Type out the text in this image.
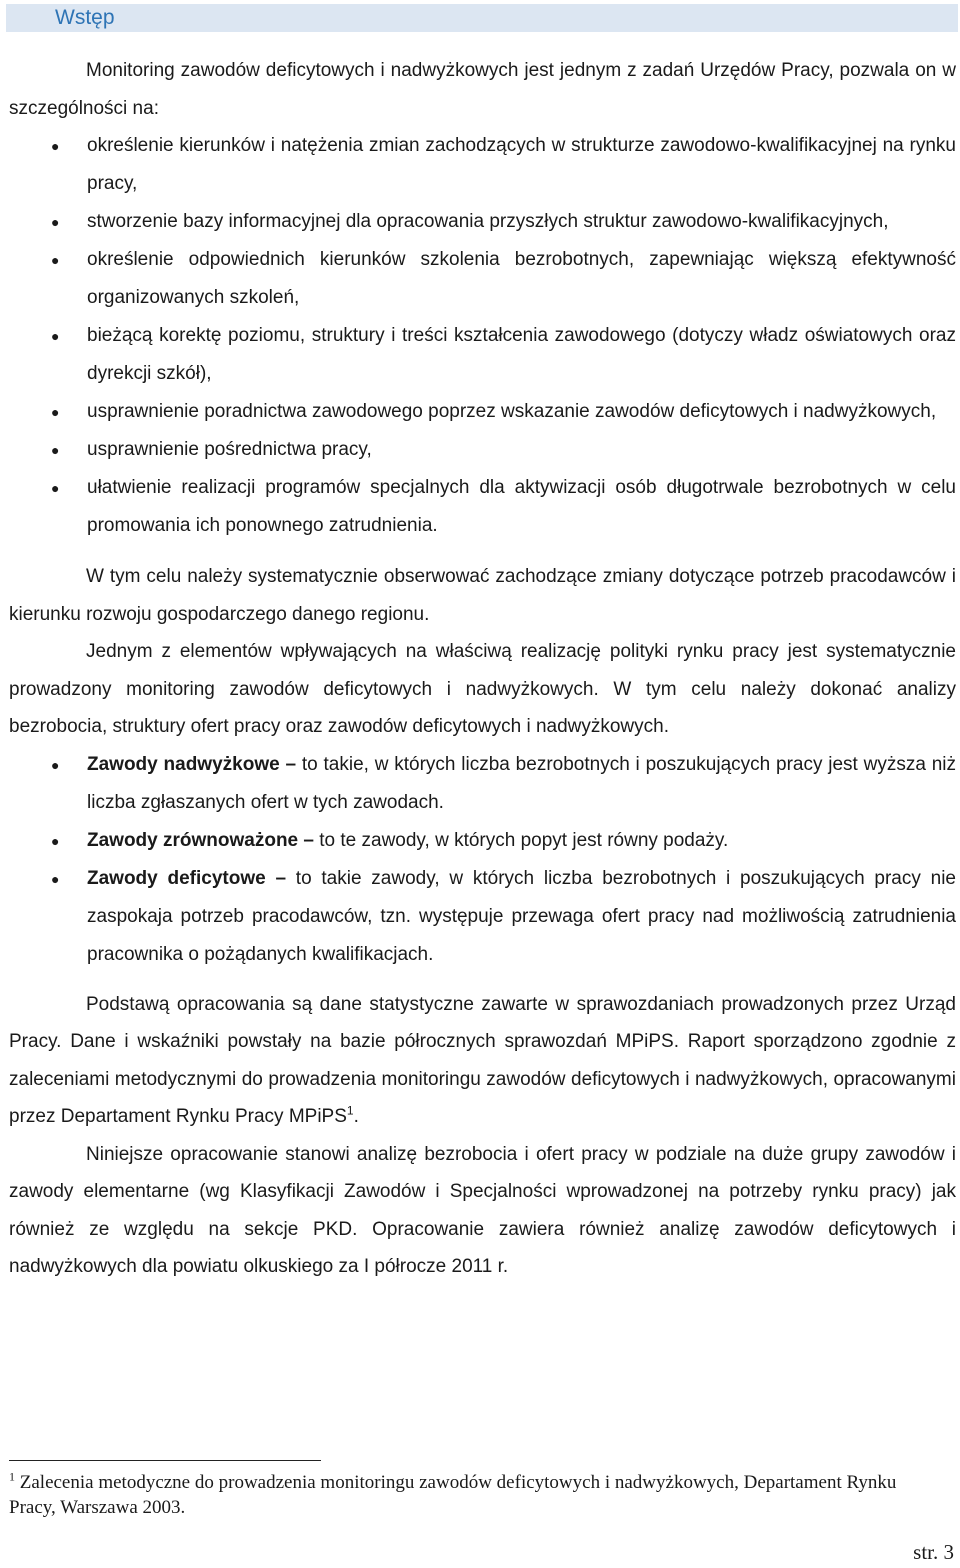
Wstęp

Monitoring zawodów deficytowych i nadwyżkowych jest jednym z zadań Urzędów Pracy, pozwala on w szczególności na:

● określenie kierunków i natężenia zmian zachodzących w strukturze zawodowo-kwalifikacyjnej na rynku pracy,
● stworzenie bazy informacyjnej dla opracowania przyszłych struktur zawodowo-kwalifikacyjnych,
● określenie odpowiednich kierunków szkolenia bezrobotnych, zapewniając większą efektywność organizowanych szkoleń,
● bieżącą korektę poziomu, struktury i treści kształcenia zawodowego (dotyczy władz oświatowych oraz dyrekcji szkół),
● usprawnienie poradnictwa zawodowego poprzez wskazanie zawodów deficytowych i nadwyżkowych,
● usprawnienie pośrednictwa pracy,
● ułatwienie realizacji programów specjalnych dla aktywizacji osób długotrwale bezrobotnych w celu promowania ich ponownego zatrudnienia.

W tym celu należy systematycznie obserwować zachodzące zmiany dotyczące potrzeb pracodawców i kierunku rozwoju gospodarczego danego regionu.

Jednym z elementów wpływających na właściwą realizację polityki rynku pracy jest systematycznie prowadzony monitoring zawodów deficytowych i nadwyżkowych. W tym celu należy dokonać analizy bezrobocia, struktury ofert pracy oraz zawodów deficytowych i nadwyżkowych.

● Zawody nadwyżkowe – to takie, w których liczba bezrobotnych i poszukujących pracy jest wyższa niż liczba zgłaszanych ofert w tych zawodach.
● Zawody zrównoważone – to te zawody, w których popyt jest równy podaży.
● Zawody deficytowe – to takie zawody, w których liczba bezrobotnych i poszukujących pracy nie zaspokaja potrzeb pracodawców, tzn. występuje przewaga ofert pracy nad możliwością zatrudnienia pracownika o pożądanych kwalifikacjach.

Podstawą opracowania są dane statystyczne zawarte w sprawozdaniach prowadzonych przez Urząd Pracy. Dane i wskaźniki powstały na bazie półrocznych sprawozdań MPiPS. Raport sporządzono zgodnie z zaleceniami metodycznymi do prowadzenia monitoringu zawodów deficytowych i nadwyżkowych, opracowanymi przez Departament Rynku Pracy MPiPS$^1$.

Niniejsze opracowanie stanowi analizę bezrobocia i ofert pracy w podziale na duże grupy zawodów i zawody elementarne (wg Klasyfikacji Zawodów i Specjalności wprowadzonej na potrzeby rynku pracy) jak również ze względu na sekcje PKD. Opracowanie zawiera również analizę zawodów deficytowych i nadwyżkowych dla powiatu olkuskiego za I półrocze 2011 r.

$^1$ Zalecenia metodyczne do prowadzenia monitoringu zawodów deficytowych i nadwyżkowych, Departament Rynku Pracy, Warszawa 2003.
str. 3
